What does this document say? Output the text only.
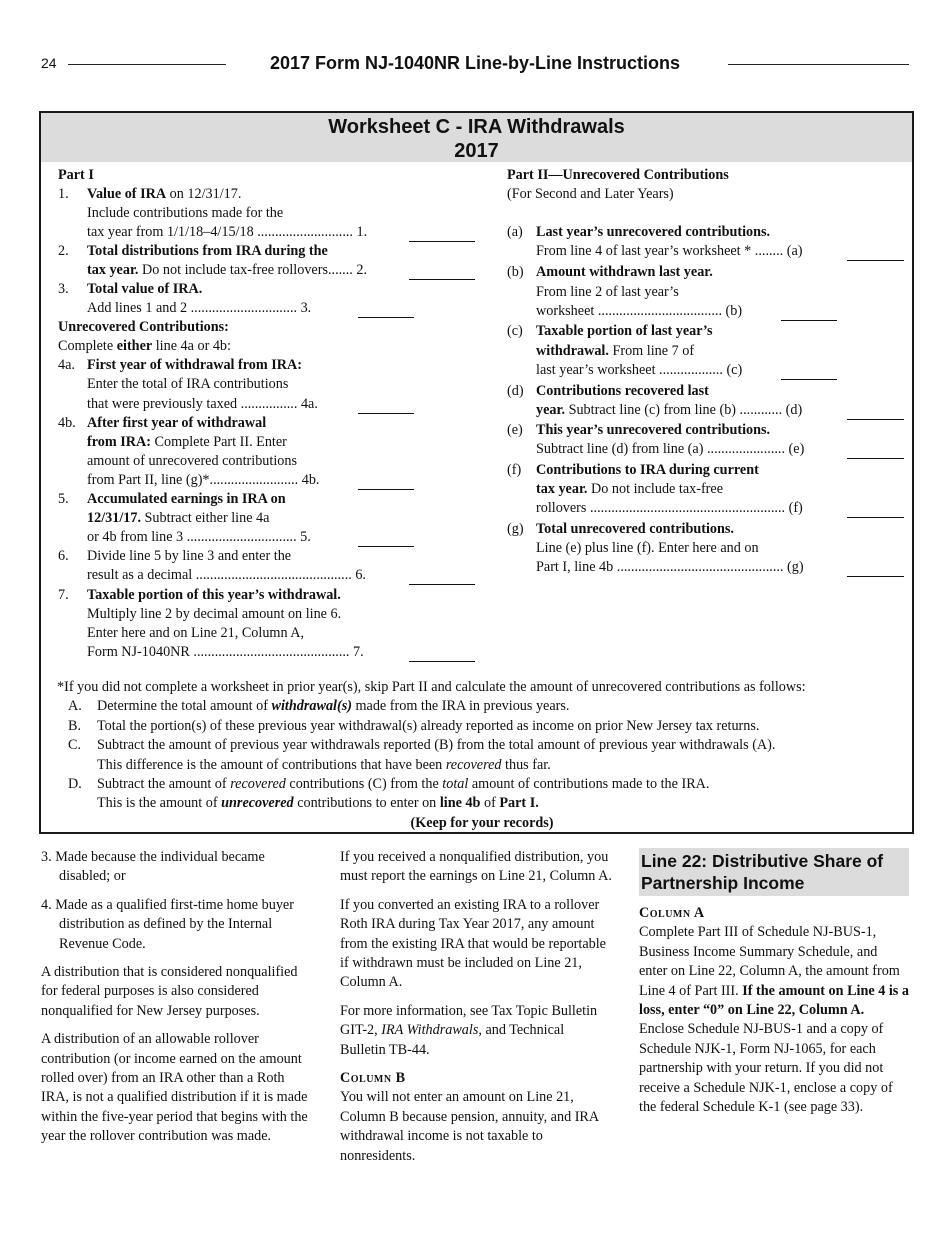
24	2017 Form NJ-1040NR Line-by-Line Instructions
Worksheet C - IRA Withdrawals
2017
Part I
1. Value of IRA on 12/31/17.
Include contributions made for the
tax year from 1/1/18–4/15/18 ........................... 1.
2. Total distributions from IRA during the
tax year. Do not include tax-free rollovers....... 2.
3. Total value of IRA.
Add lines 1 and 2 .............................. 3.
Unrecovered Contributions:
Complete either line 4a or 4b:
4a. First year of withdrawal from IRA:
Enter the total of IRA contributions
that were previously taxed ................ 4a.
4b. After first year of withdrawal
from IRA: Complete Part II. Enter
amount of unrecovered contributions
from Part II, line (g)*......................... 4b.
5. Accumulated earnings in IRA on
12/31/17. Subtract either line 4a
or 4b from line 3 ............................... 5.
6. Divide line 5 by line 3 and enter the
result as a decimal ............................................ 6.
7. Taxable portion of this year’s withdrawal.
Multiply line 2 by decimal amount on line 6.
Enter here and on Line 21, Column A,
Form NJ-1040NR ............................................ 7.
Part II—Unrecovered Contributions
(For Second and Later Years)
(a) Last year’s unrecovered contributions.
From line 4 of last year’s worksheet * ........ (a)
(b) Amount withdrawn last year.
From line 2 of last year’s
worksheet ................................... (b)
(c) Taxable portion of last year’s
withdrawal. From line 7 of
last year’s worksheet .................. (c)
(d) Contributions recovered last
year. Subtract line (c) from line (b) ............ (d)
(e) This year’s unrecovered contributions.
Subtract line (d) from line (a) ...................... (e)
(f) Contributions to IRA during current
tax year. Do not include tax-free
rollovers ....................................................... (f)
(g) Total unrecovered contributions.
Line (e) plus line (f). Enter here and on
Part I, line 4b ............................................... (g)
*If you did not complete a worksheet in prior year(s), skip Part II and calculate the amount of unrecovered contributions as follows:
A. Determine the total amount of withdrawal(s) made from the IRA in previous years.
B. Total the portion(s) of these previous year withdrawal(s) already reported as income on prior New Jersey tax returns.
C. Subtract the amount of previous year withdrawals reported (B) from the total amount of previous year withdrawals (A).
This difference is the amount of contributions that have been recovered thus far.
D. Subtract the amount of recovered contributions (C) from the total amount of contributions made to the IRA.
This is the amount of unrecovered contributions to enter on line 4b of Part I.
(Keep for your records)

3. Made because the individual became disabled; or

4. Made as a qualified first-time home buyer distribution as defined by the Internal Revenue Code.

A distribution that is considered nonqualified for federal purposes is also considered nonqualified for New Jersey purposes.

A distribution of an allowable rollover contribution (or income earned on the amount rolled over) from an IRA other than a Roth IRA, is not a qualified distribution if it is made within the five-year period that begins with the year the rollover contribution was made.

If you received a nonqualified distribution, you must report the earnings on Line 21, Column A.

If you converted an existing IRA to a rollover Roth IRA during Tax Year 2017, any amount from the existing IRA that would be reportable if withdrawn must be included on Line 21, Column A.

For more information, see Tax Topic Bulletin GIT-2, IRA Withdrawals, and Technical Bulletin TB-44.

Column B

You will not enter an amount on Line 21, Column B because pension, annuity, and IRA withdrawal income is not taxable to nonresidents.

Line 22: Distributive Share of Partnership Income
Column A

Complete Part III of Schedule NJ-BUS-1, Business Income Summary Schedule, and enter on Line 22, Column A, the amount from Line 4 of Part III. If the amount on Line 4 is a loss, enter “0” on Line 22, Column A. Enclose Schedule NJ-BUS-1 and a copy of Schedule NJK-1, Form NJ-1065, for each partnership with your return. If you did not receive a Schedule NJK-1, enclose a copy of the federal Schedule K-1 (see page 33).
